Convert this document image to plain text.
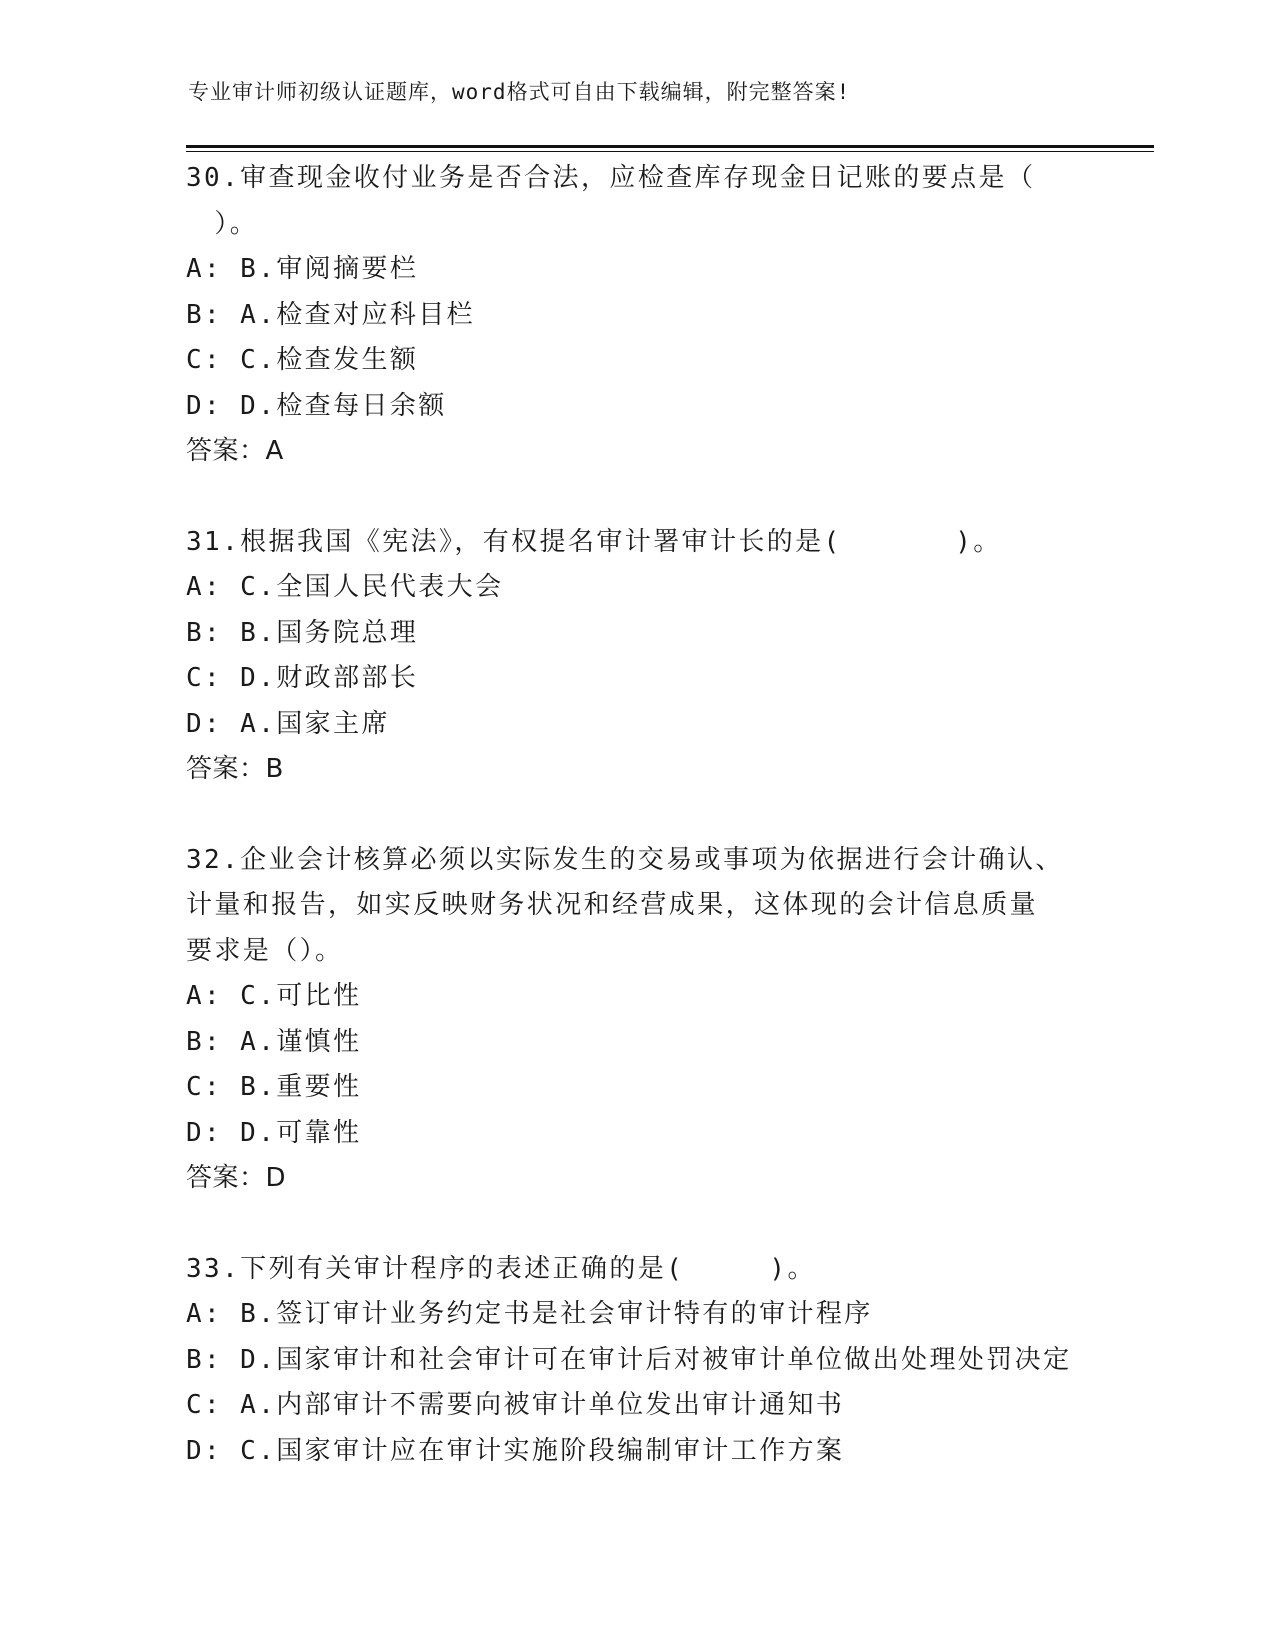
专业审计师初级认证题库，word格式可自由下载编辑，附完整答案!
30.审查现金收付业务是否合法，应检查库存现金日记账的要点是（
　）。
A: B.审阅摘要栏
B: A.检查对应科目栏
C: C.检查发生额
D: D.检查每日余额
答案：A
31.根据我国《宪法》，有权提名审计署审计长的是(　　　　)。
A: C.全国人民代表大会
B: B.国务院总理
C: D.财政部部长
D: A.国家主席
答案：B
32.企业会计核算必须以实际发生的交易或事项为依据进行会计确认、
计量和报告，如实反映财务状况和经营成果，这体现的会计信息质量
要求是（）。
A: C.可比性
B: A.谨慎性
C: B.重要性
D: D.可靠性
答案：D
33.下列有关审计程序的表述正确的是(　　　)。
A: B.签订审计业务约定书是社会审计特有的审计程序
B: D.国家审计和社会审计可在审计后对被审计单位做出处理处罚决定
C: A.内部审计不需要向被审计单位发出审计通知书
D: C.国家审计应在审计实施阶段编制审计工作方案
